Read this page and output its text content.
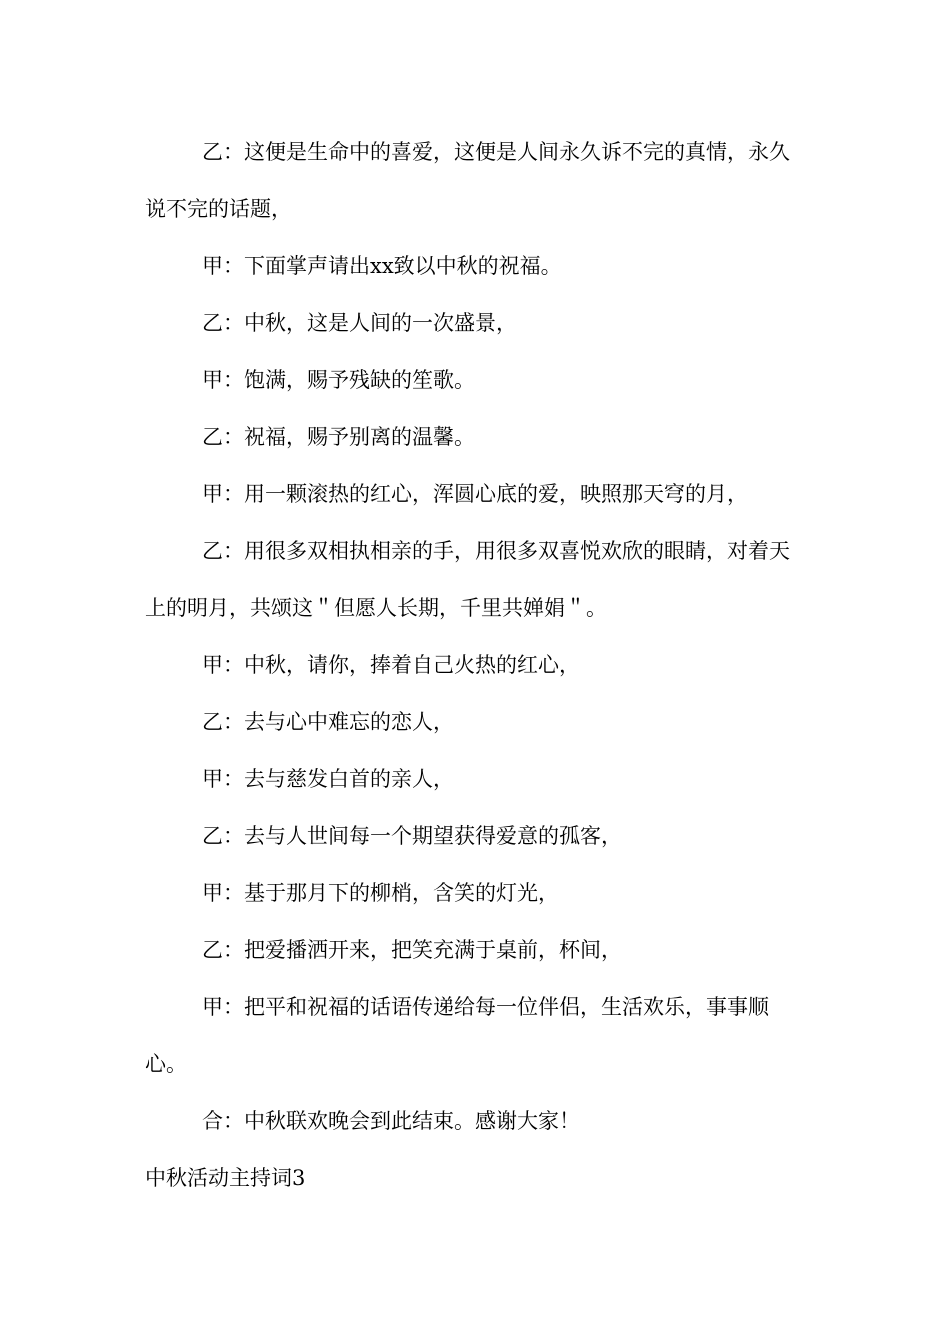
乙：这便是生命中的喜爱，这便是人间永久诉不完的真情，永久说不完的话题，

甲：下面掌声请出xx致以中秋的祝福。

乙：中秋，这是人间的一次盛景，

甲：饱满，赐予残缺的笙歌。

乙：祝福，赐予别离的温馨。

甲：用一颗滚热的红心，浑圆心底的爱，映照那天穹的月，

乙：用很多双相执相亲的手，用很多双喜悦欢欣的眼睛，对着天上的明月，共颂这＂但愿人长期，千里共婵娟＂。

甲：中秋，请你，捧着自己火热的红心，

乙：去与心中难忘的恋人，

甲：去与慈发白首的亲人，

乙：去与人世间每一个期望获得爱意的孤客，

甲：基于那月下的柳梢，含笑的灯光，

乙：把爱播洒开来，把笑充满于桌前，杯间，

甲：把平和祝福的话语传递给每一位伴侣，生活欢乐，事事顺心。

合：中秋联欢晚会到此结束。感谢大家！

中秋活动主持词3
